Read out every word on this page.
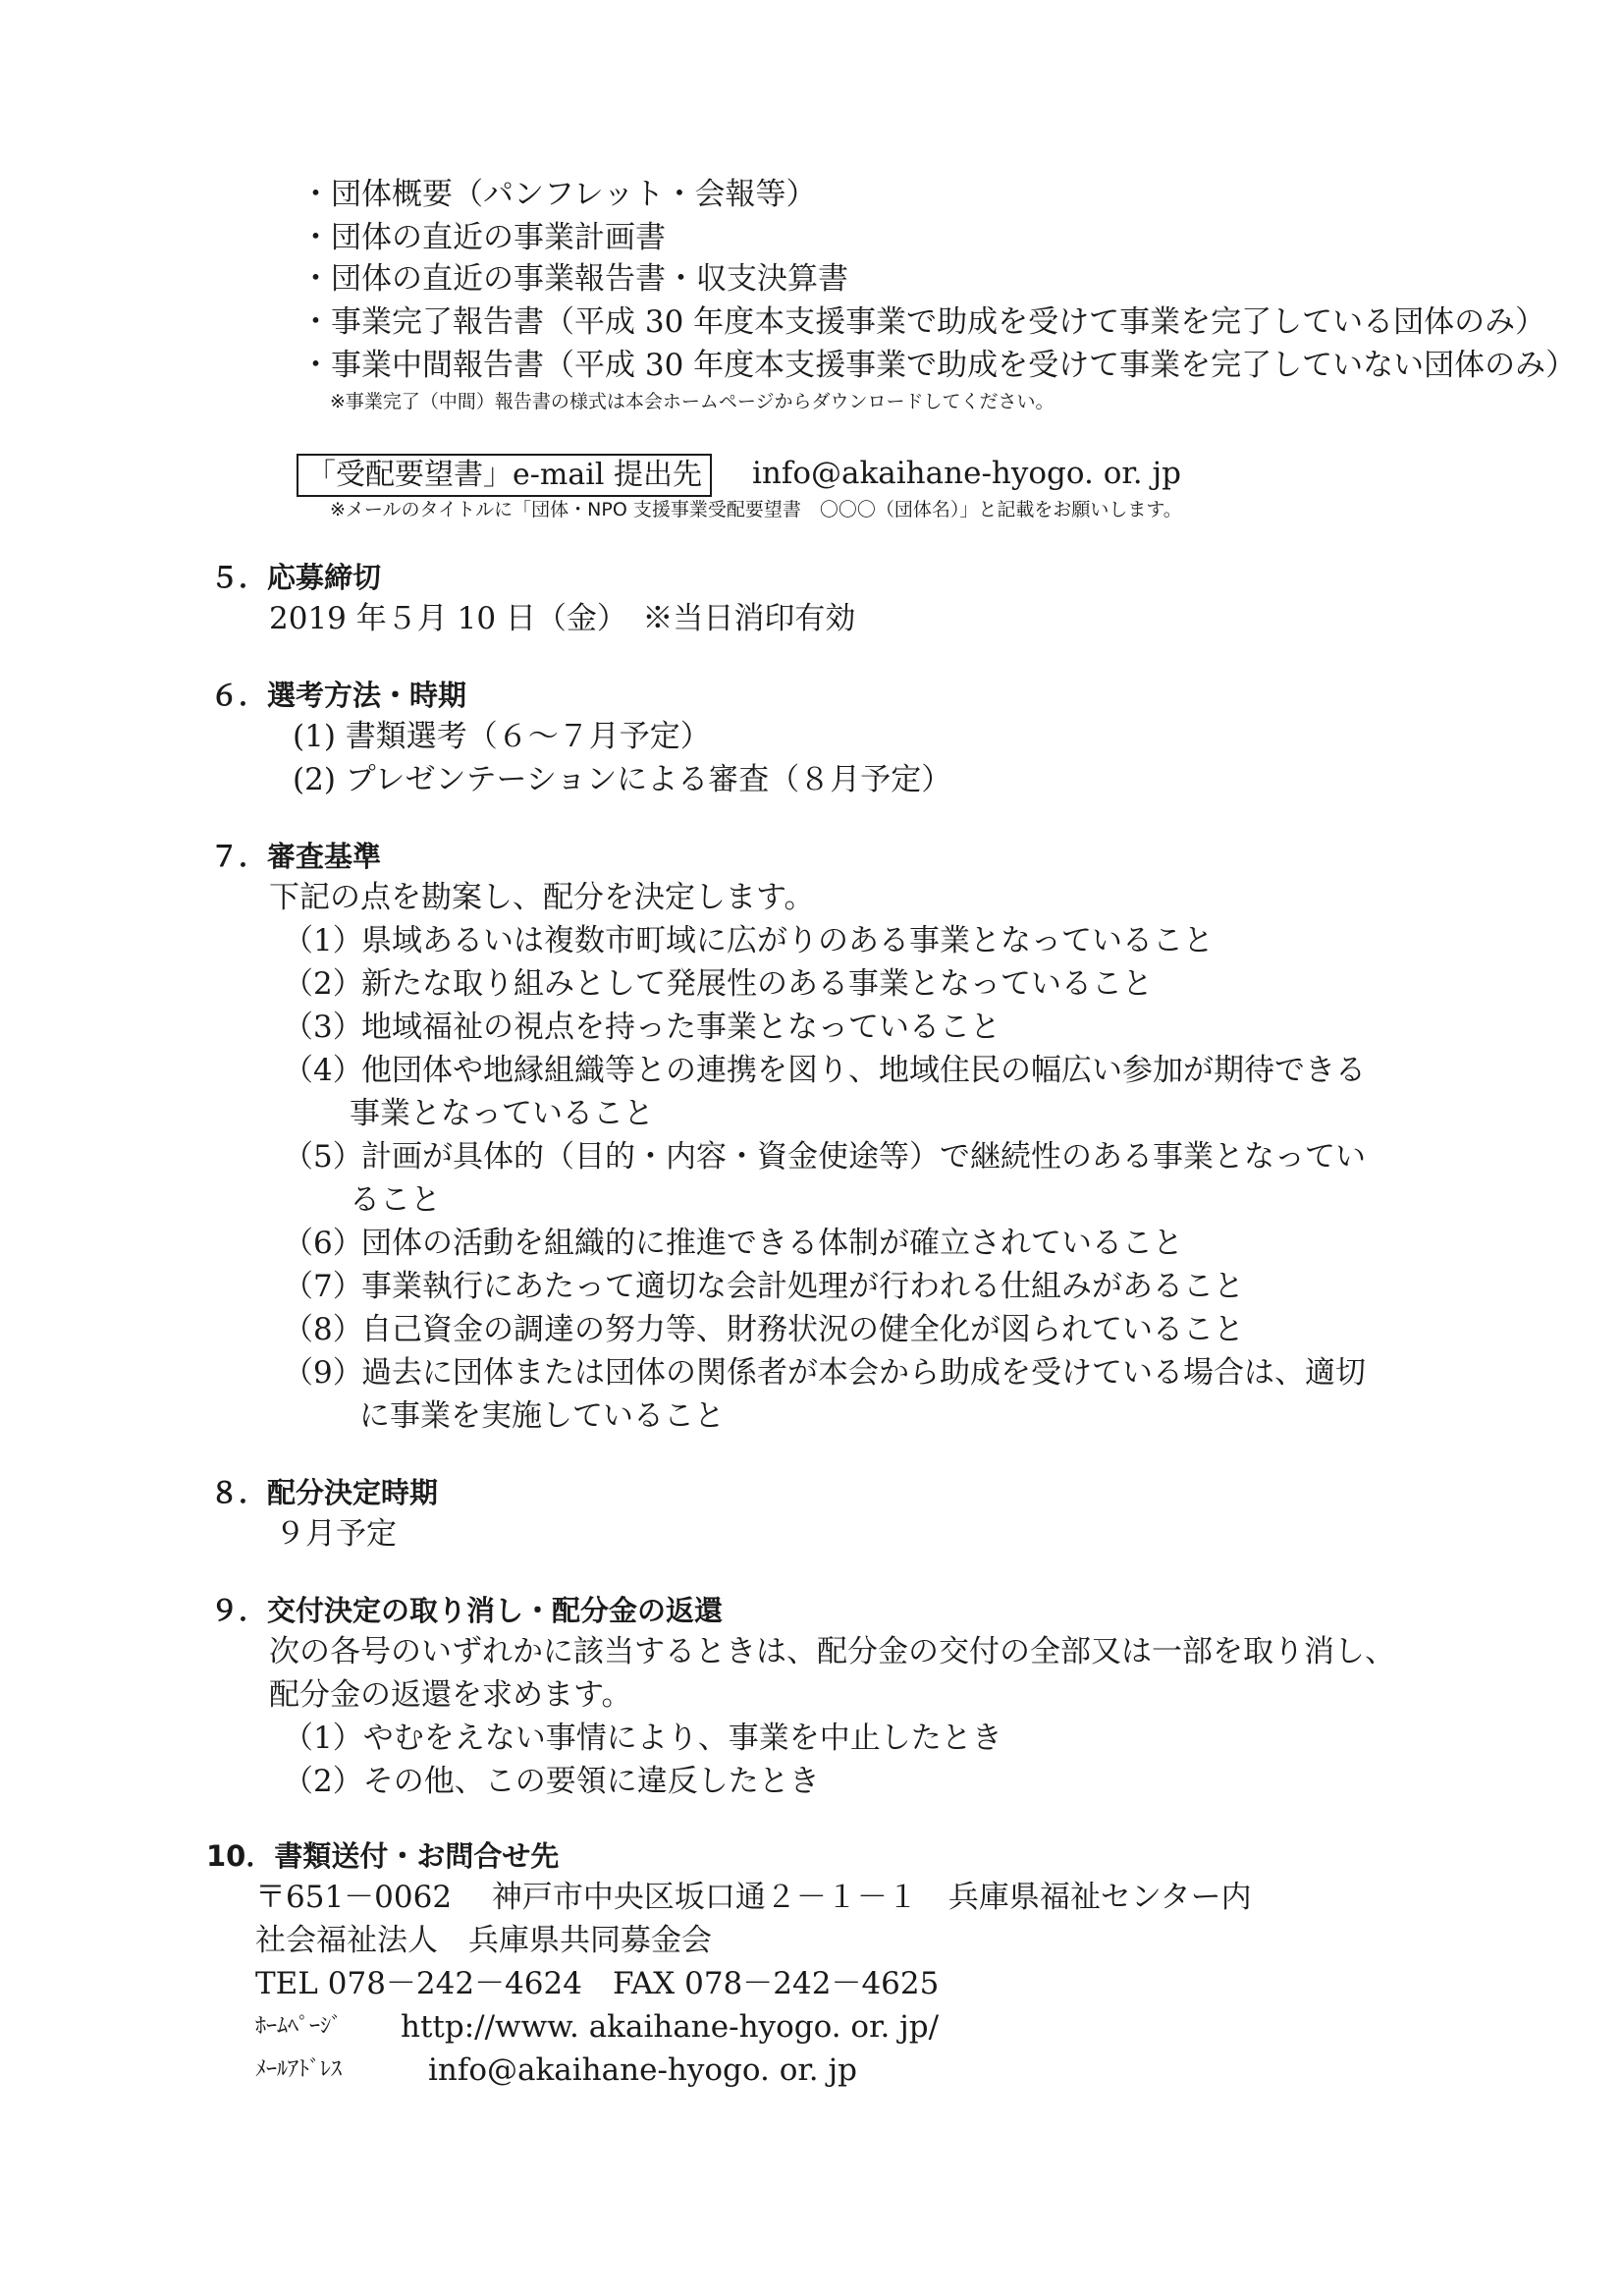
・団体概要（パンフレット・会報等）
・団体の直近の事業計画書
・団体の直近の事業報告書・収支決算書
・事業完了報告書（平成 30 年度本支援事業で助成を受けて事業を完了している団体のみ）
・事業中間報告書（平成 30 年度本支援事業で助成を受けて事業を完了していない団体のみ）
※事業完了（中間）報告書の様式は本会ホームページからダウンロードしてください。
「受配要望書」e-mail 提出先	info@akaihane-hyogo. or. jp
※メールのタイトルに「団体・NPO 支援事業受配要望書　〇〇〇（団体名）」と記載をお願いします。
５．応募締切
2019 年５月 10 日（金）　※当日消印有効
６．選考方法・時期
(1) 書類選考（６～７月予定）
(2) プレゼンテーションによる審査（８月予定）
７．審査基準
下記の点を勘案し、配分を決定します。
（1）
県域あるいは複数市町域に広がりのある事業となっていること
（2）
新たな取り組みとして発展性のある事業となっていること
（3）
地域福祉の視点を持った事業となっていること
（4）
他団体や地縁組織等との連携を図り、地域住民の幅広い参加が期待できる
事業となっていること
（5）
計画が具体的（目的・内容・資金使途等）で継続性のある事業となってい
ること
（6）
団体の活動を組織的に推進できる体制が確立されていること
（7）
事業執行にあたって適切な会計処理が行われる仕組みがあること
（8）
自己資金の調達の努力等、財務状況の健全化が図られていること
（9）
過去に団体または団体の関係者が本会から助成を受けている場合は、適切
に事業を実施していること
８．配分決定時期
９月予定
９．交付決定の取り消し・配分金の返還
次の各号のいずれかに該当するときは、配分金の交付の全部又は一部を取り消し、
配分金の返還を求めます。
（1）やむをえない事情により、事業を中止したとき
（2）その他、この要領に違反したとき
10．書類送付・お問合せ先
〒651－0062　 神戸市中央区坂口通２－１－１　兵庫県福祉センター内
社会福祉法人　兵庫県共同募金会
TEL 078－242－4624　FAX 078－242－4625
ﾎｰﾑﾍﾟｰｼﾞ http://www. akaihane-hyogo. or. jp/
ﾒｰﾙｱﾄﾞﾚｽ	info@akaihane-hyogo. or. jp
